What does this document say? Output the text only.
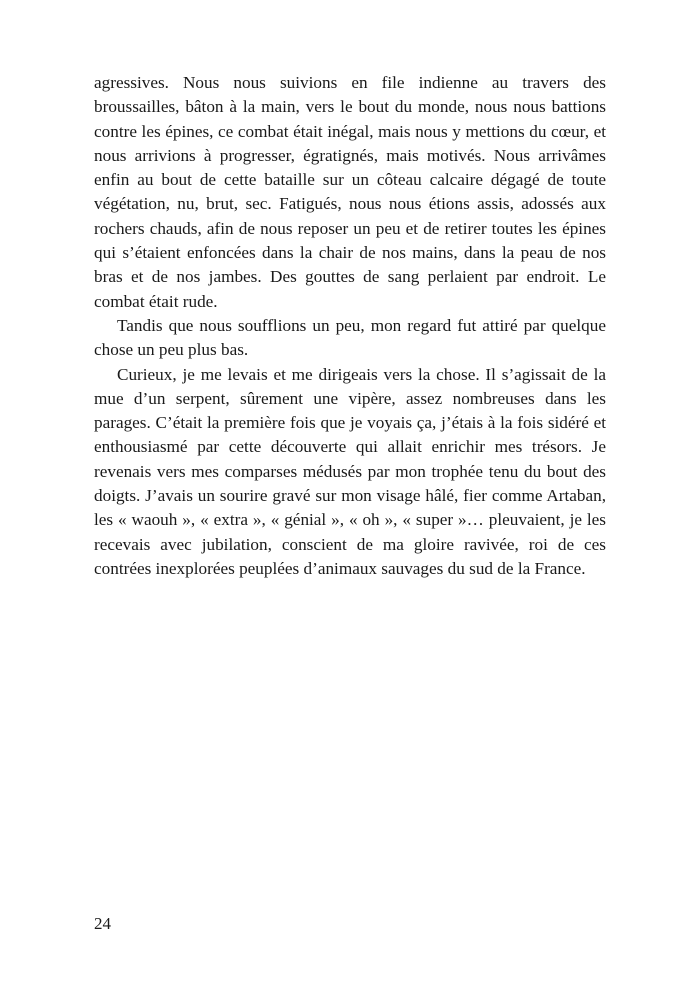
agressives. Nous nous suivions en file indienne au travers des broussailles, bâton à la main, vers le bout du monde, nous nous battions contre les épines, ce combat était inégal, mais nous y mettions du cœur, et nous arrivions à progresser, égratignés, mais motivés. Nous arrivâmes enfin au bout de cette bataille sur un côteau calcaire dégagé de toute végétation, nu, brut, sec. Fatigués, nous nous étions assis, adossés aux rochers chauds, afin de nous reposer un peu et de retirer toutes les épines qui s’étaient enfoncées dans la chair de nos mains, dans la peau de nos bras et de nos jambes. Des gouttes de sang perlaient par endroit. Le combat était rude.

Tandis que nous soufflions un peu, mon regard fut attiré par quelque chose un peu plus bas.

Curieux, je me levais et me dirigeais vers la chose. Il s’agissait de la mue d’un serpent, sûrement une vipère, assez nombreuses dans les parages. C’était la première fois que je voyais ça, j’étais à la fois sidéré et enthousiasmé par cette découverte qui allait enrichir mes trésors. Je revenais vers mes comparses médusés par mon trophée tenu du bout des doigts. J’avais un sourire gravé sur mon visage hâlé, fier comme Artaban, les « waouh », « extra », « génial », « oh », « super »… pleuvaient, je les recevais avec jubilation, conscient de ma gloire ravivée, roi de ces contrées inexplorées peuplées d’animaux sauvages du sud de la France.

24
